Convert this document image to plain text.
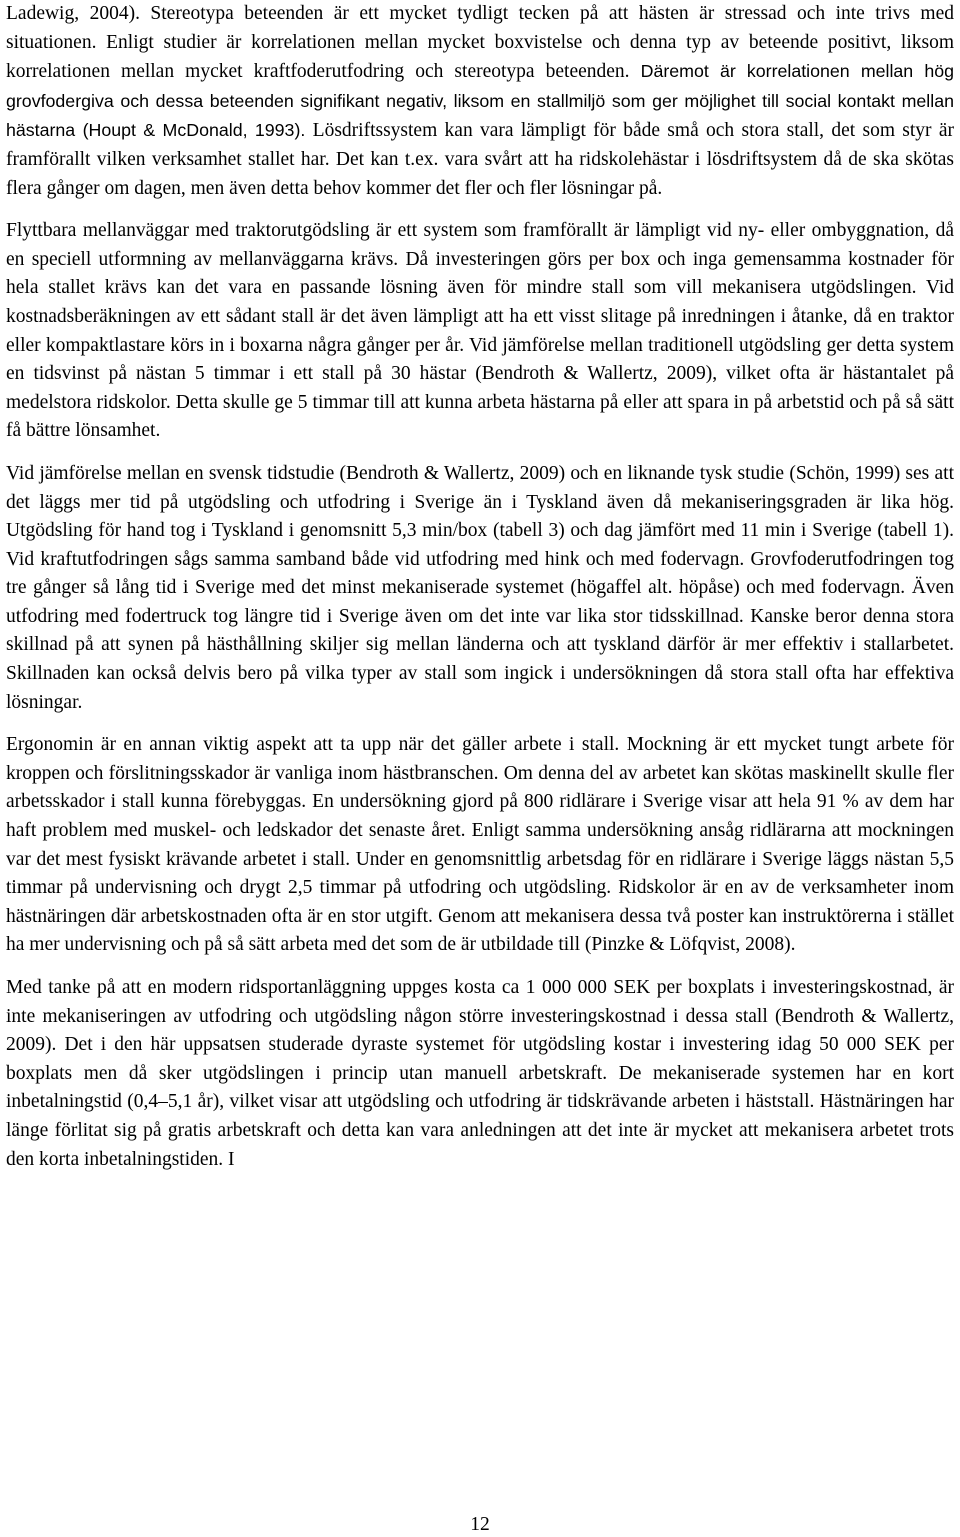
Ladewig, 2004). Stereotypa beteenden är ett mycket tydligt tecken på att hästen är stressad och inte trivs med situationen. Enligt studier är korrelationen mellan mycket boxvistelse och denna typ av beteende positivt, liksom korrelationen mellan mycket kraftfoderutfodring och stereotypa beteenden. Däremot är korrelationen mellan hög grovfodergiva och dessa beteenden signifikant negativ, liksom en stallmiljö som ger möjlighet till social kontakt mellan hästarna (Houpt & McDonald, 1993). Lösdriftssystem kan vara lämpligt för både små och stora stall, det som styr är framförallt vilken verksamhet stallet har. Det kan t.ex. vara svårt att ha ridskolehästar i lösdriftsystem då de ska skötas flera gånger om dagen, men även detta behov kommer det fler och fler lösningar på.

Flyttbara mellanväggar med traktorutgödsling är ett system som framförallt är lämpligt vid ny- eller ombyggnation, då en speciell utformning av mellanväggarna krävs. Då investeringen görs per box och inga gemensamma kostnader för hela stallet krävs kan det vara en passande lösning även för mindre stall som vill mekanisera utgödslingen. Vid kostnadsberäkningen av ett sådant stall är det även lämpligt att ha ett visst slitage på inredningen i åtanke, då en traktor eller kompaktlastare körs in i boxarna några gånger per år. Vid jämförelse mellan traditionell utgödsling ger detta system en tidsvinst på nästan 5 timmar i ett stall på 30 hästar (Bendroth & Wallertz, 2009), vilket ofta är hästantalet på medelstora ridskolor. Detta skulle ge 5 timmar till att kunna arbeta hästarna på eller att spara in på arbetstid och på så sätt få bättre lönsamhet.

Vid jämförelse mellan en svensk tidstudie (Bendroth & Wallertz, 2009) och en liknande tysk studie (Schön, 1999) ses att det läggs mer tid på utgödsling och utfodring i Sverige än i Tyskland även då mekaniseringsgraden är lika hög. Utgödsling för hand tog i Tyskland i genomsnitt 5,3 min/box (tabell 3) och dag jämfört med 11 min i Sverige (tabell 1). Vid kraftutfodringen sågs samma samband både vid utfodring med hink och med fodervagn. Grovfoderutfodringen tog tre gånger så lång tid i Sverige med det minst mekaniserade systemet (högaffel alt. höpåse) och med fodervagn. Även utfodring med fodertruck tog längre tid i Sverige även om det inte var lika stor tidsskillnad. Kanske beror denna stora skillnad på att synen på hästhållning skiljer sig mellan länderna och att tyskland därför är mer effektiv i stallarbetet. Skillnaden kan också delvis bero på vilka typer av stall som ingick i undersökningen då stora stall ofta har effektiva lösningar.

Ergonomin är en annan viktig aspekt att ta upp när det gäller arbete i stall. Mockning är ett mycket tungt arbete för kroppen och förslitningsskador är vanliga inom hästbranschen. Om denna del av arbetet kan skötas maskinellt skulle fler arbetsskador i stall kunna förebyggas. En undersökning gjord på 800 ridlärare i Sverige visar att hela 91 % av dem har haft problem med muskel- och ledskador det senaste året. Enligt samma undersökning ansåg ridlärarna att mockningen var det mest fysiskt krävande arbetet i stall. Under en genomsnittlig arbetsdag för en ridlärare i Sverige läggs nästan 5,5 timmar på undervisning och drygt 2,5 timmar på utfodring och utgödsling. Ridskolor är en av de verksamheter inom hästnäringen där arbetskostnaden ofta är en stor utgift. Genom att mekanisera dessa två poster kan instruktörerna i stället ha mer undervisning och på så sätt arbeta med det som de är utbildade till (Pinzke & Löfqvist, 2008).

Med tanke på att en modern ridsportanläggning uppges kosta ca 1 000 000 SEK per boxplats i investeringskostnad, är inte mekaniseringen av utfodring och utgödsling någon större investeringskostnad i dessa stall (Bendroth & Wallertz, 2009). Det i den här uppsatsen studerade dyraste systemet för utgödsling kostar i investering idag 50 000 SEK per boxplats men då sker utgödslingen i princip utan manuell arbetskraft. De mekaniserade systemen har en kort inbetalningstid (0,4–5,1 år), vilket visar att utgödsling och utfodring är tidskrävande arbeten i häststall. Hästnäringen har länge förlitat sig på gratis arbetskraft och detta kan vara anledningen att det inte är mycket att mekanisera arbetet trots den korta inbetalningstiden. I

12
